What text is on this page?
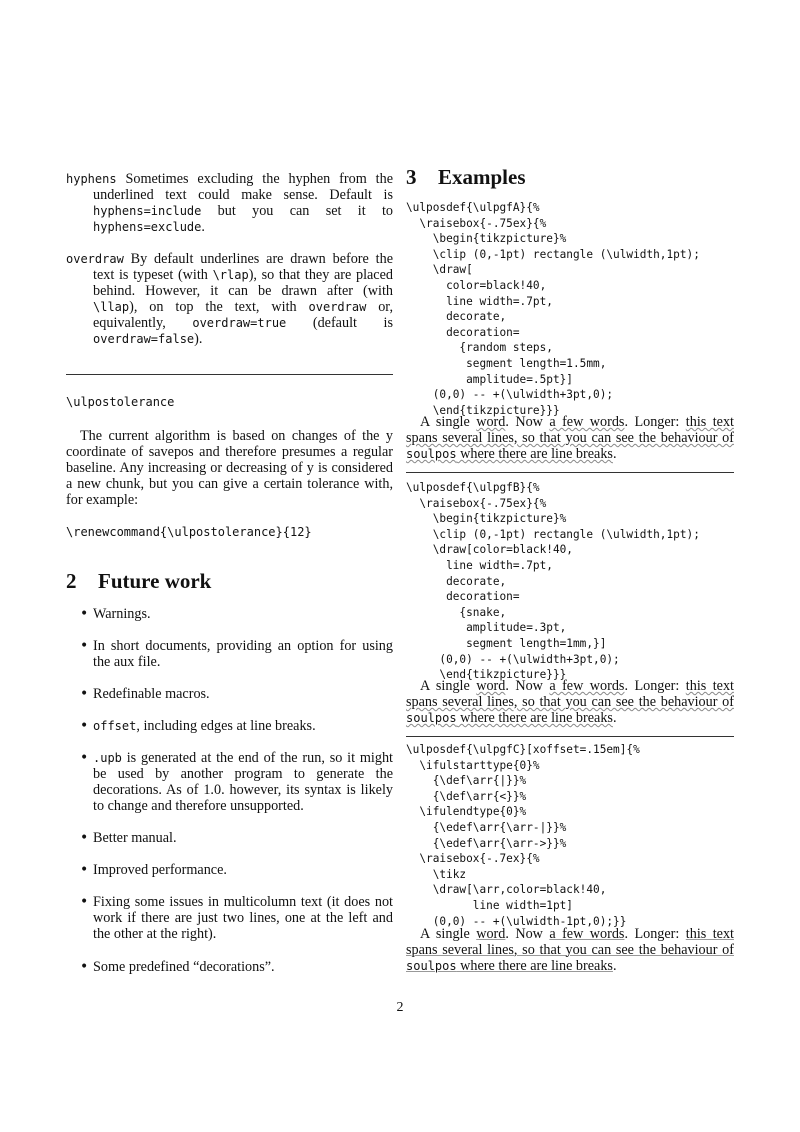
hyphens Sometimes excluding the hyphen from the underlined text could make sense. Default is hyphens=include but you can set it to hyphens=exclude.

overdraw By default underlines are drawn before the text is typeset (with \rlap), so that they are placed behind. However, it can be drawn after (with \llap), on top the text, with overdraw or, equivalently, overdraw=true (default is overdraw=false).

\ulpostolerance

The current algorithm is based on changes of the y coordinate of savepos and therefore presumes a regular baseline. Any increasing or decreasing of y is considered a new chunk, but you can give a certain tolerance with, for example:

\renewcommand{\ulpostolerance}{12}
2 Future work
• Warnings.
• In short documents, providing an option for using the aux file.
• Redefinable macros.
• offset, including edges at line breaks.
• .upb is generated at the end of the run, so it might be used by another program to generate the decorations. As of 1.0. however, its syntax is likely to change and therefore unsupported.
• Better manual.
• Improved performance.
• Fixing some issues in multicolumn text (it does not work if there are just two lines, one at the left and the other at the right).
• Some predefined “decorations”.
3 Examples
\ulposdef{\ulpgfA}{%
\raisebox{-.75ex}{%
\begin{tikzpicture}%
\clip (0,-1pt) rectangle (\ulwidth,1pt);
\draw[
color=black!40,
line width=.7pt,
decorate,
decoration=
{random steps,
segment length=1.5mm,
amplitude=.5pt}]
(0,0) -- +(\ulwidth+3pt,0);
\end{tikzpicture}}}

A single word. Now a few words. Longer: this text spans several lines, so that you can see the behaviour of soulpos where there are line breaks.

\ulposdef{\ulpgfB}{%
\raisebox{-.75ex}{%
\begin{tikzpicture}%
\clip (0,-1pt) rectangle (\ulwidth,1pt);
\draw[color=black!40,
line width=.7pt,
decorate,
decoration=
{snake,
amplitude=.3pt,
segment length=1mm,}]
(0,0) -- +(\ulwidth+3pt,0);
\end{tikzpicture}}}

A single word. Now a few words. Longer: this text spans several lines, so that you can see the behaviour of soulpos where there are line breaks.

\ulposdef{\ulpgfC}[xoffset=.15em]{%
\ifulstarttype{0}%
{\def\arr{|}}%
{\def\arr{<}}%
\ifulendtype{0}%
{\edef\arr{\arr-|}}%
{\edef\arr{\arr->}}%
\raisebox{-.7ex}{%
\tikz
\draw[\arr,color=black!40,
line width=1pt]
(0,0) -- +(\ulwidth-1pt,0);}}

A single word. Now a few words. Longer: this text spans several lines, so that you can see the behaviour of soulpos where there are line breaks.

2
